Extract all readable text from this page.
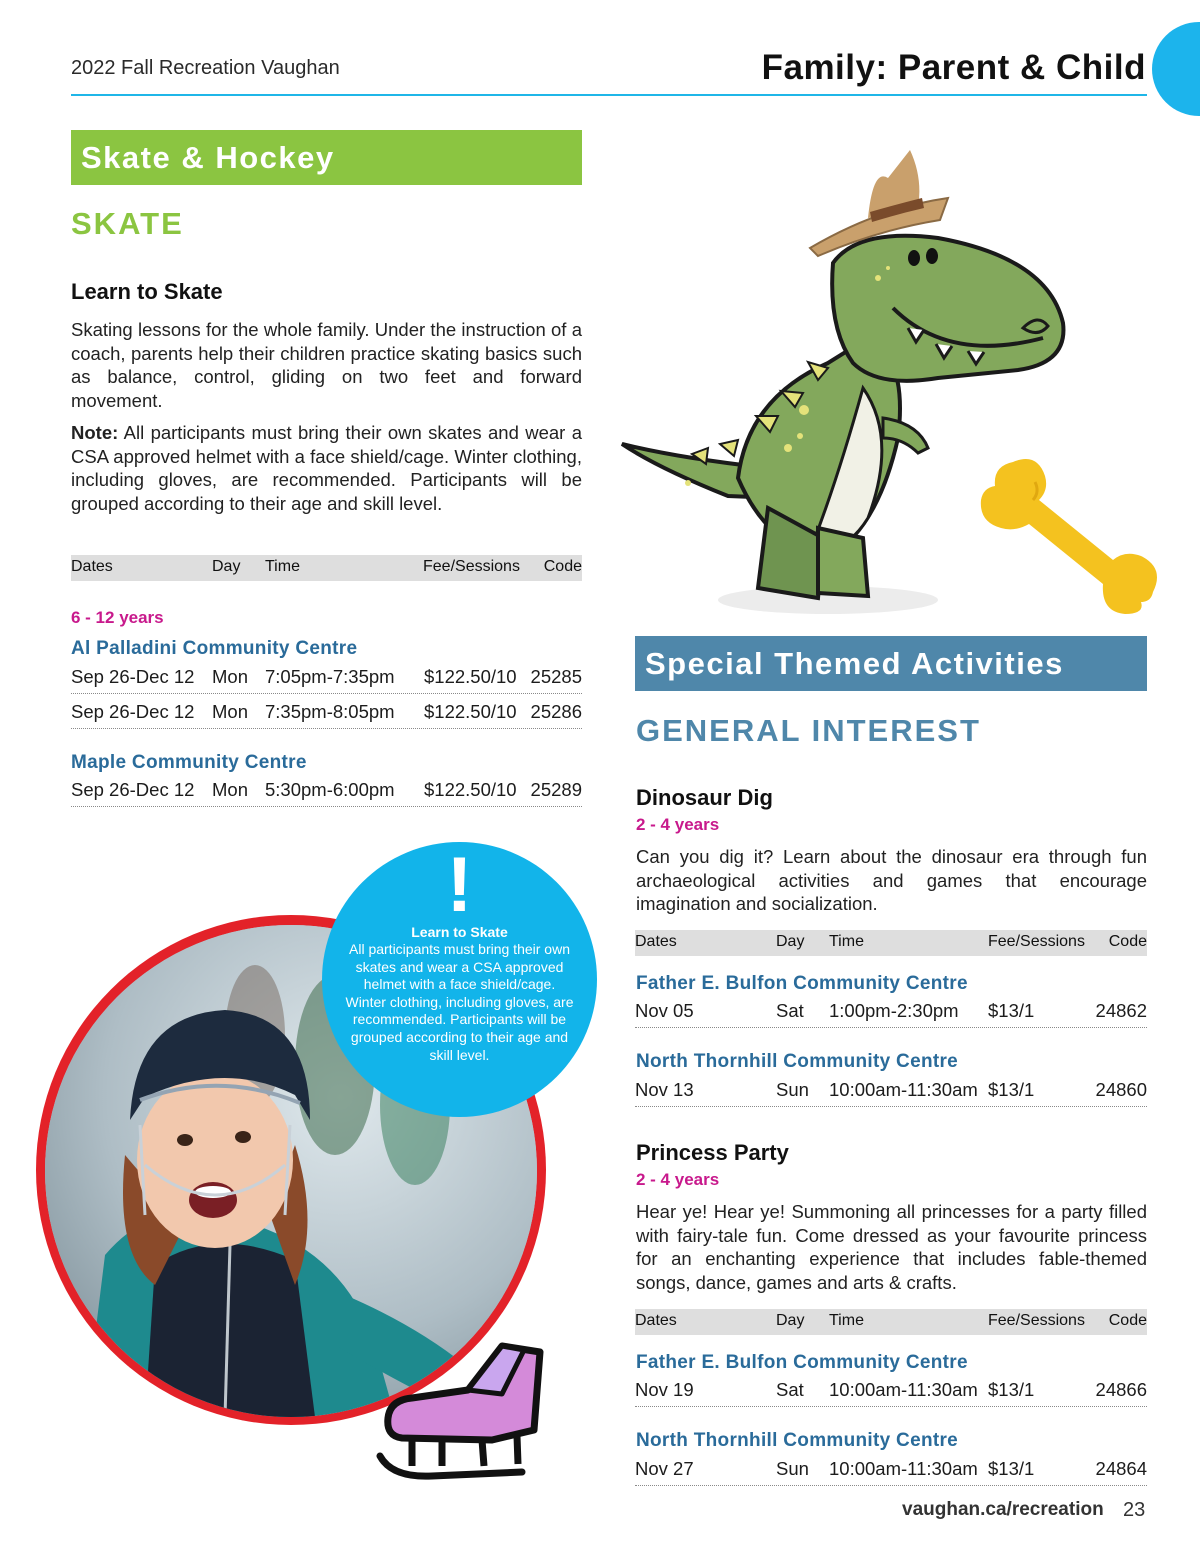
2022 Fall Recreation Vaughan	Family: Parent & Child
Skate & Hockey
SKATE
Learn to Skate
Skating lessons for the whole family. Under the instruction of a coach, parents help their children practice skating basics such as balance, control, gliding on two feet and forward movement.
Note: All participants must bring their own skates and wear a CSA approved helmet with a face shield/cage. Winter clothing, including gloves, are recommended. Participants will be grouped according to their age and skill level.
Dates	Day Time	Fee/Sessions Code
6 - 12 years
Al Palladini Community Centre
Sep 26-Dec 12 Mon 7:05pm-7:35pm $122.50/10 25285
Sep 26-Dec 12 Mon 7:35pm-8:05pm $122.50/10 25286
Maple Community Centre
Sep 26-Dec 12 Mon 5:30pm-6:00pm $122.50/10 25289
!
Learn to Skate
All participants must bring their own skates and wear a CSA approved helmet with a face shield/cage. Winter clothing, including gloves, are recommended. Participants will be grouped according to their age and skill level.
Special Themed Activities
GENERAL INTEREST
Dinosaur Dig
2 - 4 years
Can you dig it? Learn about the dinosaur era through fun archaeological activities and games that encourage imagination and socialization.
Dates	Day Time	Fee/Sessions Code
Father E. Bulfon Community Centre
Nov 05	Sat 1:00pm-2:30pm $13/1	24862
North Thornhill Community Centre
Nov 13	Sun 10:00am-11:30am $13/1	24860
Princess Party
2 - 4 years
Hear ye! Hear ye! Summoning all princesses for a party filled with fairy-tale fun. Come dressed as your favourite princess for an enchanting experience that includes fable-themed songs, dance, games and arts & crafts.
Dates	Day Time	Fee/Sessions Code
Father E. Bulfon Community Centre
Nov 19	Sat 10:00am-11:30am $13/1	24866
North Thornhill Community Centre
Nov 27	Sun 10:00am-11:30am $13/1	24864
vaughan.ca/recreation 23
